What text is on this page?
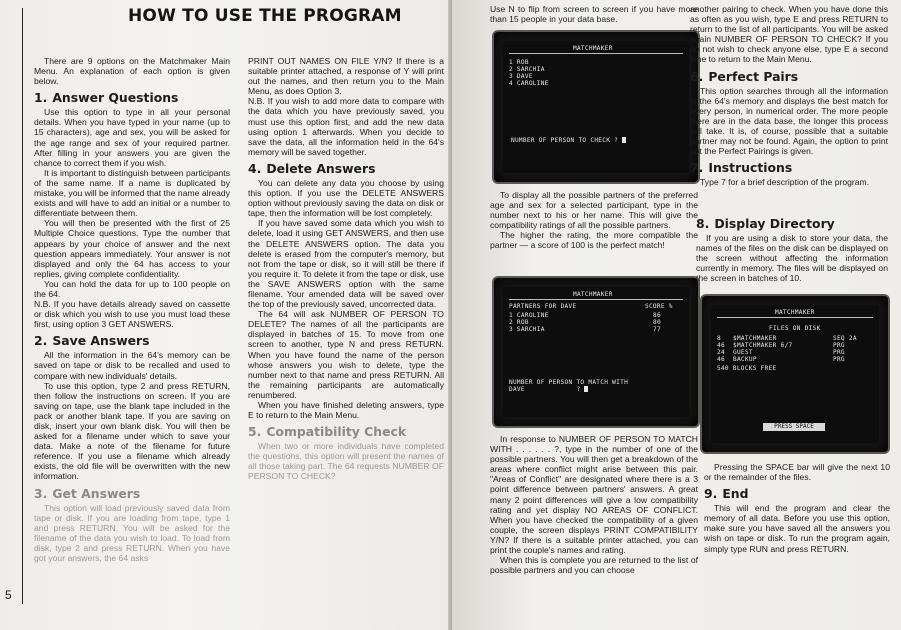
HOW TO USE THE PROGRAM
5

There are 9 options on the Matchmaker Main Menu. An explanation of each option is given below.

1. Answer Questions

Use this option to type in all your personal details. When you have typed in your name (up to 15 characters), age and sex, you will be asked for the age range and sex of your required partner. After filling in your answers you are given the chance to correct them if you wish.

It is important to distinguish between participants of the same name. If a name is duplicated by mistake, you will be informed that the name already exists and will have to add an initial or a number to differentiate between them.

You will then be presented with the first of 25 Multiple Choice questions. Type the number that appears by your choice of answer and the next question appears immediately. Your answer is not displayed and only the 64 has access to your replies, giving complete confidentiality.

You can hold the data for up to 100 people on the 64.

N.B. If you have details already saved on cassette or disk which you wish to use you must load these first, using option 3 GET ANSWERS.

2. Save Answers

All the information in the 64's memory can be saved on tape or disk to be recalled and used to compare with new individuals' details.

To use this option, type 2 and press RETURN, then follow the instructions on screen. If you are saving on tape, use the blank tape included in the pack or another blank tape. If you are saving on disk, insert your own blank disk. You will then be asked for a filename under which to save your data. Make a note of the filename for future reference. If you use a filename which already exists, the old file will be overwritten with the new information.

3. Get Answers

This option will load previously saved data from tape or disk. If you are loading from tape, type 1 and press RETURN. You will be asked for the filename of the data you wish to load. To load from disk, type 2 and press RETURN. When you have got your answers, the 64 asks

PRINT OUT NAMES ON FILE Y/N? If there is a suitable printer attached, a response of Y will print out the names, and then return you to the Main Menu, as does Option 3.

N.B. If you wish to add more data to compare with the data which you have previously saved, you must use this option first, and add the new data using option 1 afterwards. When you decide to save the data, all the information held in the 64's memory will be saved together.

4. Delete Answers

You can delete any data you choose by using this option. If you use the DELETE ANSWERS option without previously saving the data on disk or tape, then the information will be lost completely.

If you have saved some data which you wish to delete, load it using GET ANSWERS, and then use the DELETE ANSWERS option. The data you delete is erased from the computer's memory, but not from the tape or disk, so it will still be there if you require it. To delete it from the tape or disk, use the SAVE ANSWERS option with the same filename. Your amended data will be saved over the top of the previously saved, uncorrected data.

The 64 will ask NUMBER OF PERSON TO DELETE? The names of all the participants are displayed in batches of 15. To move from one screen to another, type N and press RETURN. When you have found the name of the person whose answers you wish to delete, type the number next to that name and press RETURN. All the remaining participants are automatically renumbered.

When you have finished deleting answers, type E to return to the Main Menu.

5. Compatibility Check

When two or more individuals have completed the questions, this option will present the names of all those taking part. The 64 requests NUMBER OF PERSON TO CHECK?

Use N to flip from screen to screen if you have more than 15 people in your data base.

MATCHMAKER
1 ROB
2 SARCHIA
3 DAVE
4 CAROLINE
NUMBER OF PERSON TO CHECK ?

To display all the possible partners of the preferred age and sex for a selected participant, type in the number next to his or her name. This will give the compatibility ratings of all the possible partners.

The higher the rating, the more compatible the partner — a score of 100 is the perfect match!

MATCHMAKER
PARTNERS FOR DAVE	SCORE %
1 CAROLINE	86
2 ROB	80
3 SARCHIA	77
NUMBER OF PERSON TO MATCH WITH
DAVE             ?

In response to NUMBER OF PERSON TO MATCH WITH . . . . . . ?, type in the number of one of the possible partners. You will then get a breakdown of the areas where conflict might arise between this pair. "Areas of Conflict" are designated where there is a 3 point difference between partners' answers. A great many 2 point differences will give a low compatibility rating and yet display NO AREAS OF CONFLICT. When you have checked the compatibility of a given couple, the screen displays PRINT COMPATIBILITY Y/N? If there is a suitable printer attached, you can print the couple's names and rating.

When this is complete you are returned to the list of possible partners and you can choose

another pairing to check. When you have done this as often as you wish, type E and press RETURN to return to the list of all participants. You will be asked again NUMBER OF PERSON TO CHECK? If you do not wish to check anyone else, type E a second time to return to the Main Menu.

6. Perfect Pairs

This option searches through all the information in the 64's memory and displays the best match for every person, in numerical order. The more people there are in the data base, the longer this process will take. It is, of course, possible that a suitable partner may not be found. Again, the option to print out the Perfect Pairings is given.

7. Instructions

Type 7 for a brief description of the program.

8. Display Directory

If you are using a disk to store your data, the names of the files on the disk can be displayed on the screen without affecting the information currently in memory. The files will be displayed on the screen in batches of 10.

MATCHMAKER
FILES ON DISK
8 $MATCHMAKER	SEQ 2A
46 $MATCHMAKER 6/7	PRG
24 GUEST	PRG
46 BACKUP	PRG
540 BLOCKS FREE
PRESS SPACE

Pressing the SPACE bar will give the next 10 or the remainder of the files.

9. End

This will end the program and clear the memory of all data. Before you use this option, make sure you have saved all the answers you wish on tape or disk. To run the program again, simply type RUN and press RETURN.
